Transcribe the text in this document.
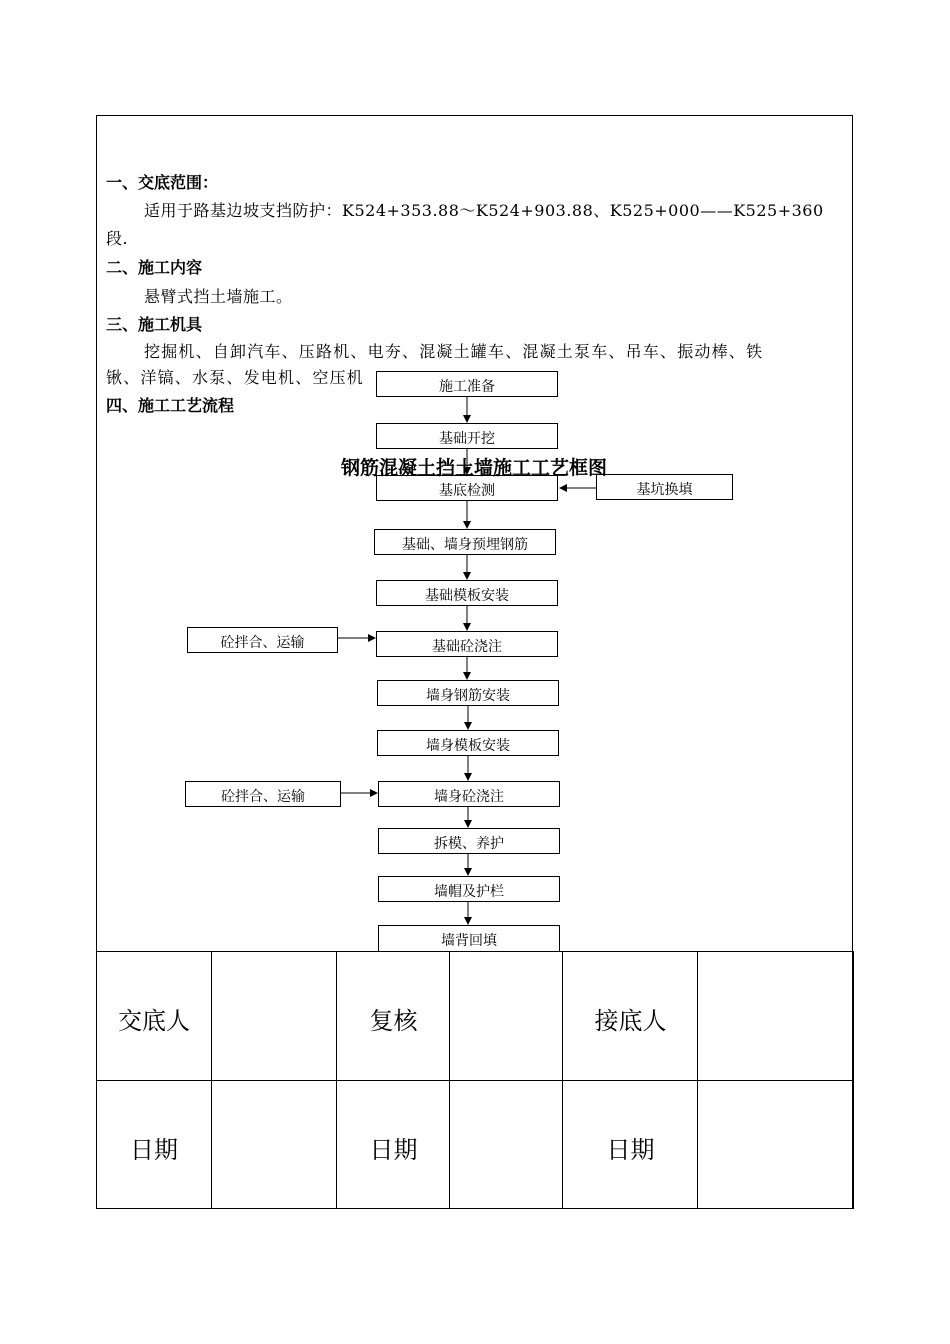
一、交底范围：
适用于路基边坡支挡防护：K524+353.88～K524+903.88、K525+000——K525+360
段.
二、施工内容
悬臂式挡土墙施工。
三、施工机具
挖掘机、自卸汽车、压路机、电夯、混凝土罐车、混凝土泵车、吊车、振动棒、铁
锹、洋镐、水泵、发电机、空压机
四、施工工艺流程
施工准备
基础开挖
钢筋混凝土挡土墙施工工艺框图
基底检测	基坑换填
基础、墙身预埋钢筋
基础模板安装
砼拌合、运输	基础砼浇注
墙身钢筋安装
墙身模板安装
砼拌合、运输	墙身砼浇注
拆模、养护
墙帽及护栏
墙背回填
交底人	复核	接底人
日期	日期	日期
